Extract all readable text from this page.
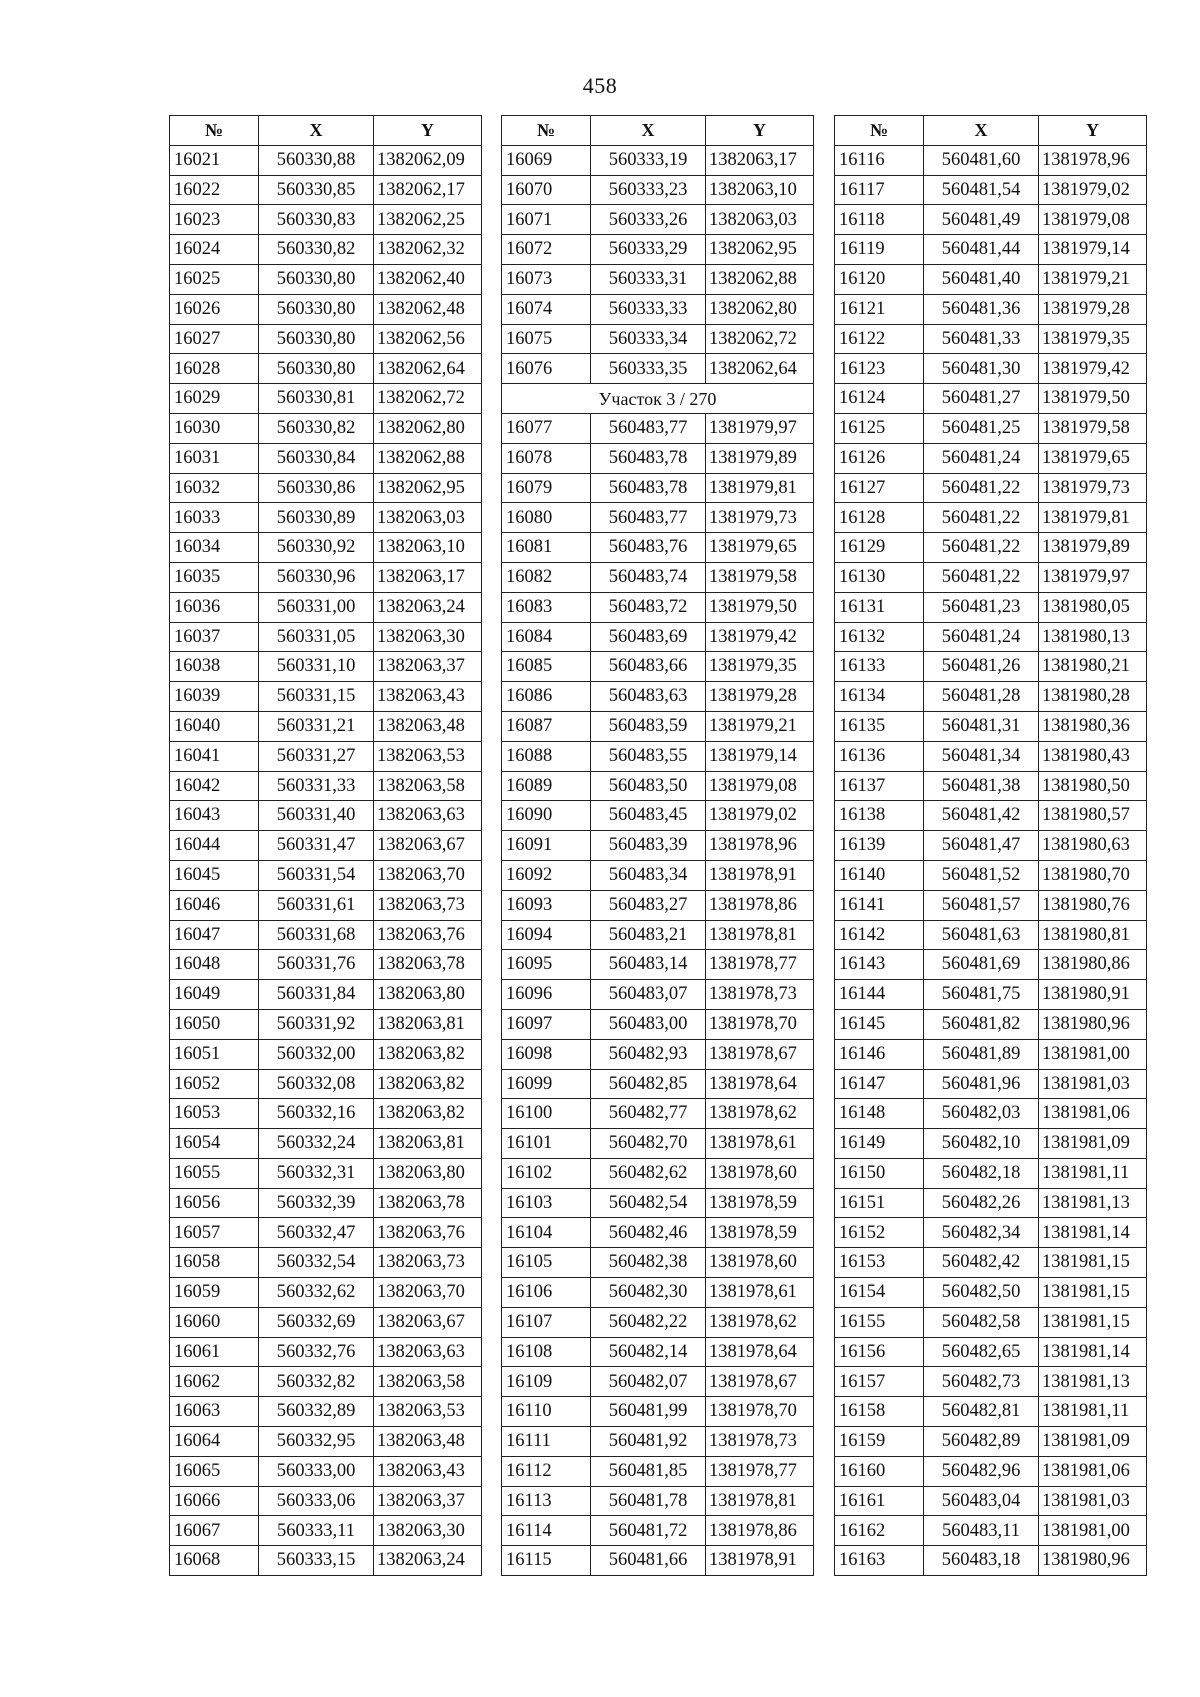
458
№	X	Y
16021	560330,88	1382062,09
16022	560330,85	1382062,17
16023	560330,83	1382062,25
16024	560330,82	1382062,32
16025	560330,80	1382062,40
16026	560330,80	1382062,48
16027	560330,80	1382062,56
16028	560330,80	1382062,64
16029	560330,81	1382062,72
16030	560330,82	1382062,80
16031	560330,84	1382062,88
16032	560330,86	1382062,95
16033	560330,89	1382063,03
16034	560330,92	1382063,10
16035	560330,96	1382063,17
16036	560331,00	1382063,24
16037	560331,05	1382063,30
16038	560331,10	1382063,37
16039	560331,15	1382063,43
16040	560331,21	1382063,48
16041	560331,27	1382063,53
16042	560331,33	1382063,58
16043	560331,40	1382063,63
16044	560331,47	1382063,67
16045	560331,54	1382063,70
16046	560331,61	1382063,73
16047	560331,68	1382063,76
16048	560331,76	1382063,78
16049	560331,84	1382063,80
16050	560331,92	1382063,81
16051	560332,00	1382063,82
16052	560332,08	1382063,82
16053	560332,16	1382063,82
16054	560332,24	1382063,81
16055	560332,31	1382063,80
16056	560332,39	1382063,78
16057	560332,47	1382063,76
16058	560332,54	1382063,73
16059	560332,62	1382063,70
16060	560332,69	1382063,67
16061	560332,76	1382063,63
16062	560332,82	1382063,58
16063	560332,89	1382063,53
16064	560332,95	1382063,48
16065	560333,00	1382063,43
16066	560333,06	1382063,37
16067	560333,11	1382063,30
16068	560333,15	1382063,24
№	X	Y
16069	560333,19	1382063,17
16070	560333,23	1382063,10
16071	560333,26	1382063,03
16072	560333,29	1382062,95
16073	560333,31	1382062,88
16074	560333,33	1382062,80
16075	560333,34	1382062,72
16076	560333,35	1382062,64
Участок 3 / 270		
16077	560483,77	1381979,97
16078	560483,78	1381979,89
16079	560483,78	1381979,81
16080	560483,77	1381979,73
16081	560483,76	1381979,65
16082	560483,74	1381979,58
16083	560483,72	1381979,50
16084	560483,69	1381979,42
16085	560483,66	1381979,35
16086	560483,63	1381979,28
16087	560483,59	1381979,21
16088	560483,55	1381979,14
16089	560483,50	1381979,08
16090	560483,45	1381979,02
16091	560483,39	1381978,96
16092	560483,34	1381978,91
16093	560483,27	1381978,86
16094	560483,21	1381978,81
16095	560483,14	1381978,77
16096	560483,07	1381978,73
16097	560483,00	1381978,70
16098	560482,93	1381978,67
16099	560482,85	1381978,64
16100	560482,77	1381978,62
16101	560482,70	1381978,61
16102	560482,62	1381978,60
16103	560482,54	1381978,59
16104	560482,46	1381978,59
16105	560482,38	1381978,60
16106	560482,30	1381978,61
16107	560482,22	1381978,62
16108	560482,14	1381978,64
16109	560482,07	1381978,67
16110	560481,99	1381978,70
16111	560481,92	1381978,73
16112	560481,85	1381978,77
16113	560481,78	1381978,81
16114	560481,72	1381978,86
16115	560481,66	1381978,91
№	X	Y
16116	560481,60	1381978,96
16117	560481,54	1381979,02
16118	560481,49	1381979,08
16119	560481,44	1381979,14
16120	560481,40	1381979,21
16121	560481,36	1381979,28
16122	560481,33	1381979,35
16123	560481,30	1381979,42
16124	560481,27	1381979,50
16125	560481,25	1381979,58
16126	560481,24	1381979,65
16127	560481,22	1381979,73
16128	560481,22	1381979,81
16129	560481,22	1381979,89
16130	560481,22	1381979,97
16131	560481,23	1381980,05
16132	560481,24	1381980,13
16133	560481,26	1381980,21
16134	560481,28	1381980,28
16135	560481,31	1381980,36
16136	560481,34	1381980,43
16137	560481,38	1381980,50
16138	560481,42	1381980,57
16139	560481,47	1381980,63
16140	560481,52	1381980,70
16141	560481,57	1381980,76
16142	560481,63	1381980,81
16143	560481,69	1381980,86
16144	560481,75	1381980,91
16145	560481,82	1381980,96
16146	560481,89	1381981,00
16147	560481,96	1381981,03
16148	560482,03	1381981,06
16149	560482,10	1381981,09
16150	560482,18	1381981,11
16151	560482,26	1381981,13
16152	560482,34	1381981,14
16153	560482,42	1381981,15
16154	560482,50	1381981,15
16155	560482,58	1381981,15
16156	560482,65	1381981,14
16157	560482,73	1381981,13
16158	560482,81	1381981,11
16159	560482,89	1381981,09
16160	560482,96	1381981,06
16161	560483,04	1381981,03
16162	560483,11	1381981,00
16163	560483,18	1381980,96
